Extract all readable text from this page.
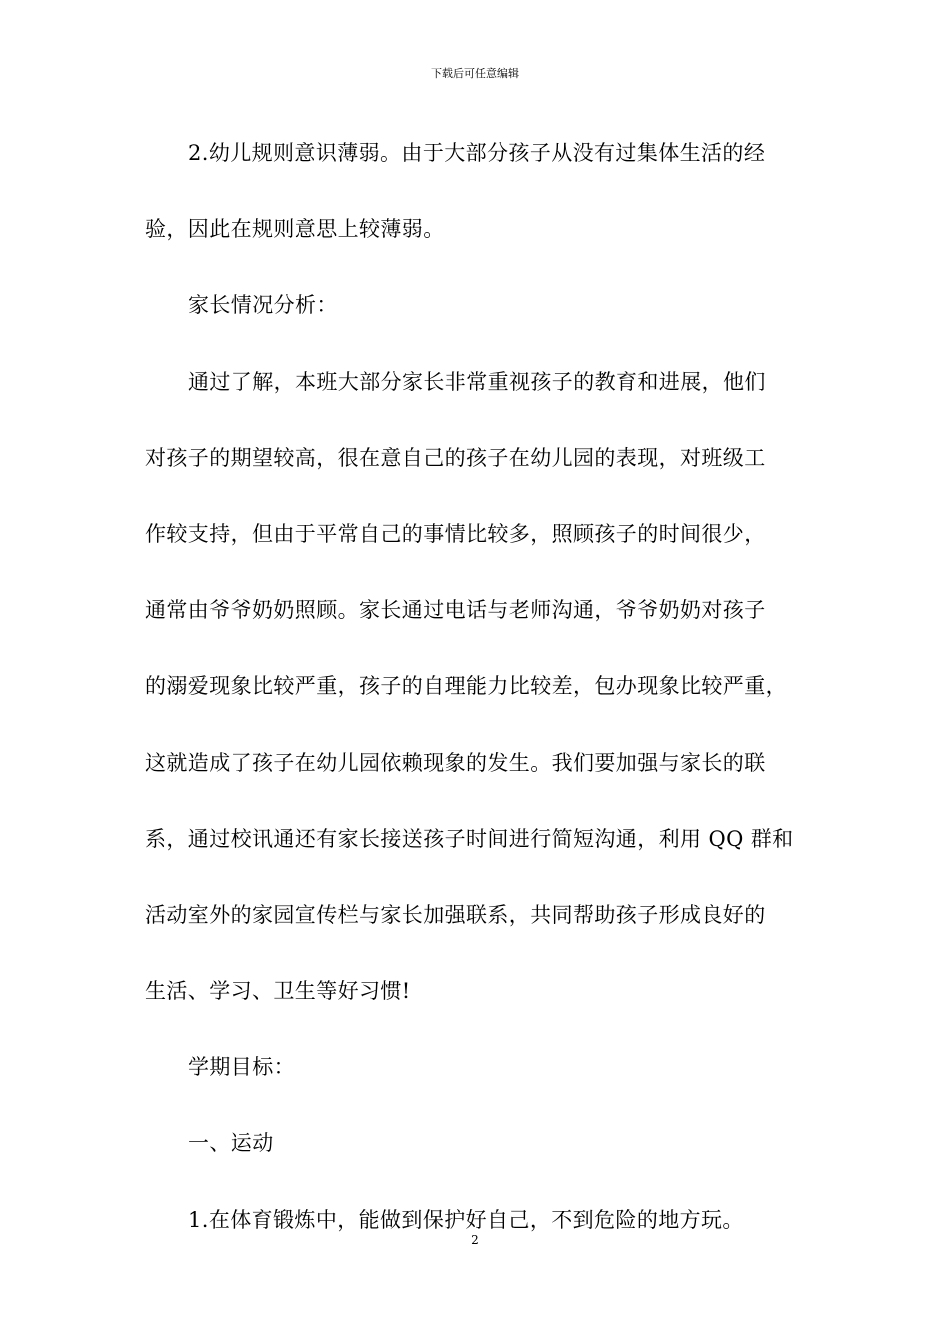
下载后可任意编辑
2.幼儿规则意识薄弱。由于大部分孩子从没有过集体生活的经
验，因此在规则意思上较薄弱。
家长情况分析：
通过了解，本班大部分家长非常重视孩子的教育和进展，他们
对孩子的期望较高，很在意自己的孩子在幼儿园的表现，对班级工
作较支持，但由于平常自己的事情比较多，照顾孩子的时间很少，
通常由爷爷奶奶照顾。家长通过电话与老师沟通，爷爷奶奶对孩子
的溺爱现象比较严重，孩子的自理能力比较差，包办现象比较严重，
这就造成了孩子在幼儿园依赖现象的发生。我们要加强与家长的联
系，通过校讯通还有家长接送孩子时间进行简短沟通，利用 QQ 群和
活动室外的家园宣传栏与家长加强联系，共同帮助孩子形成良好的
生活、学习、卫生等好习惯!
学期目标：
一、运动
1.在体育锻炼中，能做到保护好自己，不到危险的地方玩。
2
